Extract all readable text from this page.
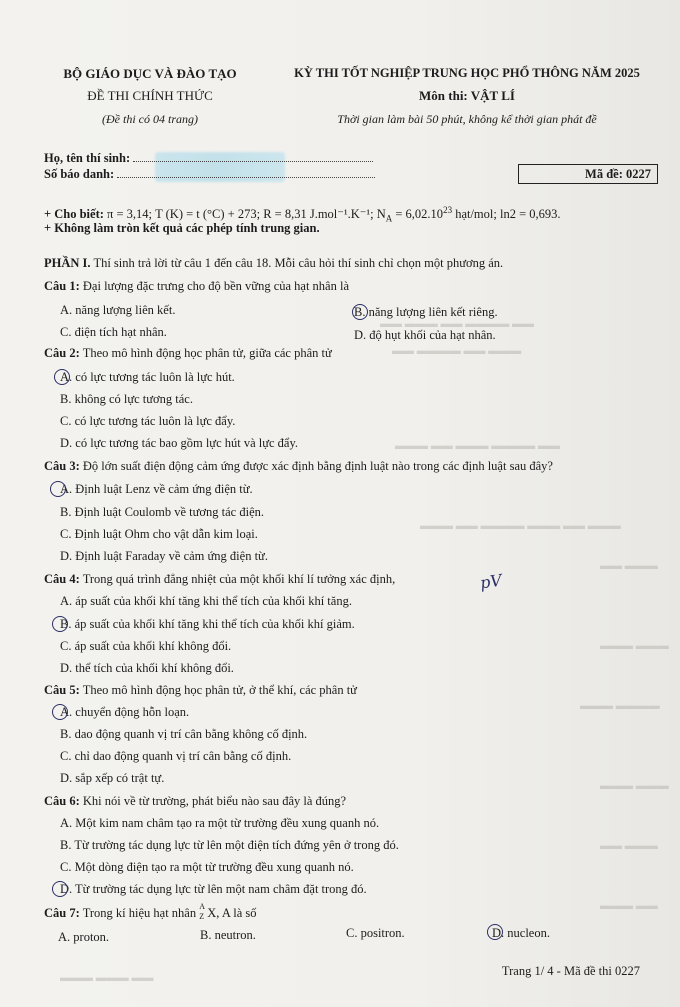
▬▬ ▬▬▬ ▬▬ ▬▬▬▬ ▬▬
▬▬ ▬▬▬▬ ▬▬ ▬▬▬
▬▬▬ ▬▬ ▬▬▬ ▬▬▬▬ ▬▬
▬▬▬ ▬▬ ▬▬▬▬ ▬▬▬ ▬▬ ▬▬▬
▬▬ ▬▬▬
▬▬▬ ▬▬▬
▬▬▬ ▬▬▬▬
▬▬▬ ▬▬▬
▬▬ ▬▬▬
▬▬▬ ▬▬
▬▬▬ ▬▬▬ ▬▬
BỘ GIÁO DỤC VÀ ĐÀO TẠO
ĐỀ THI CHÍNH THỨC
(Đề thi có 04 trang)
KỲ THI TỐT NGHIỆP TRUNG HỌC PHỔ THÔNG NĂM 2025
Môn thi: VẬT LÍ
Thời gian làm bài 50 phút, không kể thời gian phát đề
Họ, tên thí sinh:
Số báo danh:	Mã đề: 0227
+ Cho biết: π = 3,14; T (K) = t (°C) + 273; R = 8,31 J.mol⁻¹.K⁻¹; $N_A = 6,02.10^{23}$ hạt/mol; ln2 = 0,693.
+ Không làm tròn kết quả các phép tính trung gian.
PHẦN I. Thí sinh trả lời từ câu 1 đến câu 18. Mỗi câu hỏi thí sinh chỉ chọn một phương án.
Câu 1: Đại lượng đặc trưng cho độ bền vững của hạt nhân là
A. năng lượng liên kết.	B. năng lượng liên kết riêng.
C. điện tích hạt nhân.	D. độ hụt khối của hạt nhân.
Câu 2: Theo mô hình động học phân tử, giữa các phân tử
A. có lực tương tác luôn là lực hút.
B. không có lực tương tác.
C. có lực tương tác luôn là lực đẩy.
D. có lực tương tác bao gồm lực hút và lực đẩy.
Câu 3: Độ lớn suất điện động cảm ứng được xác định bằng định luật nào trong các định luật sau đây?
A. Định luật Lenz về cảm ứng điện từ.
B. Định luật Coulomb về tương tác điện.
C. Định luật Ohm cho vật dẫn kim loại.
D. Định luật Faraday về cảm ứng điện từ.
Câu 4: Trong quá trình đẳng nhiệt của một khối khí lí tưởng xác định,	pV
A. áp suất của khối khí tăng khi thể tích của khối khí tăng.
B. áp suất của khối khí tăng khi thể tích của khối khí giảm.
C. áp suất của khối khí không đổi.
D. thể tích của khối khí không đổi.
Câu 5: Theo mô hình động học phân tử, ở thể khí, các phân tử
A. chuyển động hỗn loạn.
B. dao động quanh vị trí cân bằng không cố định.
C. chỉ dao động quanh vị trí cân bằng cố định.
D. sắp xếp có trật tự.
Câu 6: Khi nói về từ trường, phát biểu nào sau đây là đúng?
A. Một kim nam châm tạo ra một từ trường đều xung quanh nó.
B. Từ trường tác dụng lực từ lên một điện tích đứng yên ở trong đó.
C. Một dòng điện tạo ra một từ trường đều xung quanh nó.
D. Từ trường tác dụng lực từ lên một nam châm đặt trong đó.
Câu 7: Trong kí hiệu hạt nhân A
Z X, A là số
A. proton.	B. neutron.	C. positron.	D. nucleon.
Trang 1/ 4 - Mã đề thi 0227
